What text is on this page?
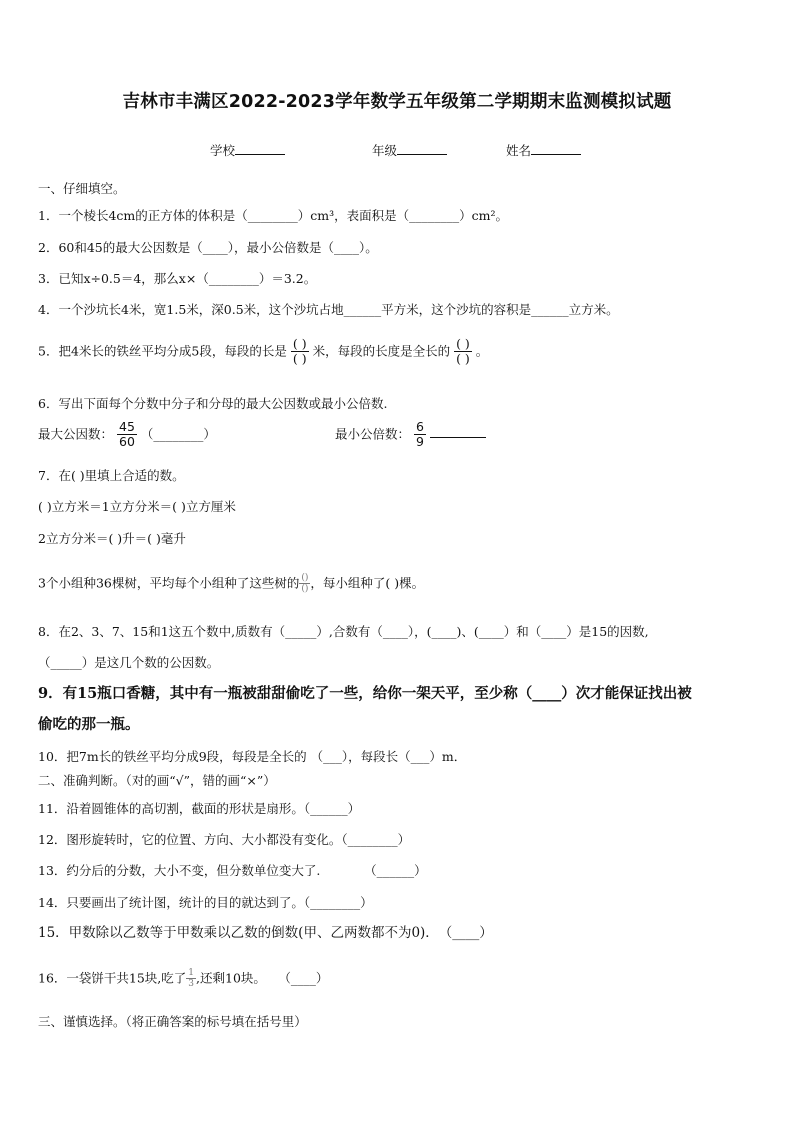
吉林市丰满区2022-2023学年数学五年级第二学期期末监测模拟试题
学校	年级	姓名
一、仔细填空。
1．一个棱长4cm的正方体的体积是（________）cm³，表面积是（________）cm²。
2．60和45的最大公因数是（____），最小公倍数是（____）。
3．已知x÷0.5＝4，那么x×（________）＝3.2。
4．一个沙坑长4米，宽1.5米，深0.5米，这个沙坑占地______平方米，这个沙坑的容积是______立方米。
5．把4米长的铁丝平均分成5段，每段的长是 $\frac{( )}{( )}$ 米，每段的长度是全长的 $\frac{( )}{( )}$ 。
6．写出下面每个分数中分子和分母的最大公因数或最小公倍数.
最大公因数： $\frac{45}{60}$ （________）	最小公倍数： $\frac{6}{9}$

7．在( )里填上合适的数。
( )立方米＝1立方分米＝( )立方厘米
2立方分米＝( )升＝( )毫升
3个小组种36棵树，平均每个小组种了这些树的 $\frac{()}{()}$ ，每小组种了( )棵。
8．在2、3、7、15和1这五个数中,质数有（_____）,合数有（____），(____)、(____）和（____）是15的因数,
（_____）是这几个数的公因数。
9．有15瓶口香糖，其中有一瓶被甜甜偷吃了一些，给你一架天平，至少称（____）次才能保证找出被
偷吃的那一瓶。
10．把7m长的铁丝平均分成9段，每段是全长的 （___），每段长（___）m．
二、准确判断。（对的画“√”，错的画“×”）
11．沿着圆锥体的高切割，截面的形状是扇形。（______）
12．图形旋转时，它的位置、方向、大小都没有变化。（________）
13．约分后的分数，大小不变，但分数单位变大了.　　　　（______）
14．只要画出了统计图，统计的目的就达到了。（________）
15．甲数除以乙数等于甲数乘以乙数的倒数(甲、乙两数都不为0)．　（____）
16．一袋饼干共15块,吃了 $\frac{1}{3}$ ,还剩10块。　　（____）
三、谨慎选择。（将正确答案的标号填在括号里）
